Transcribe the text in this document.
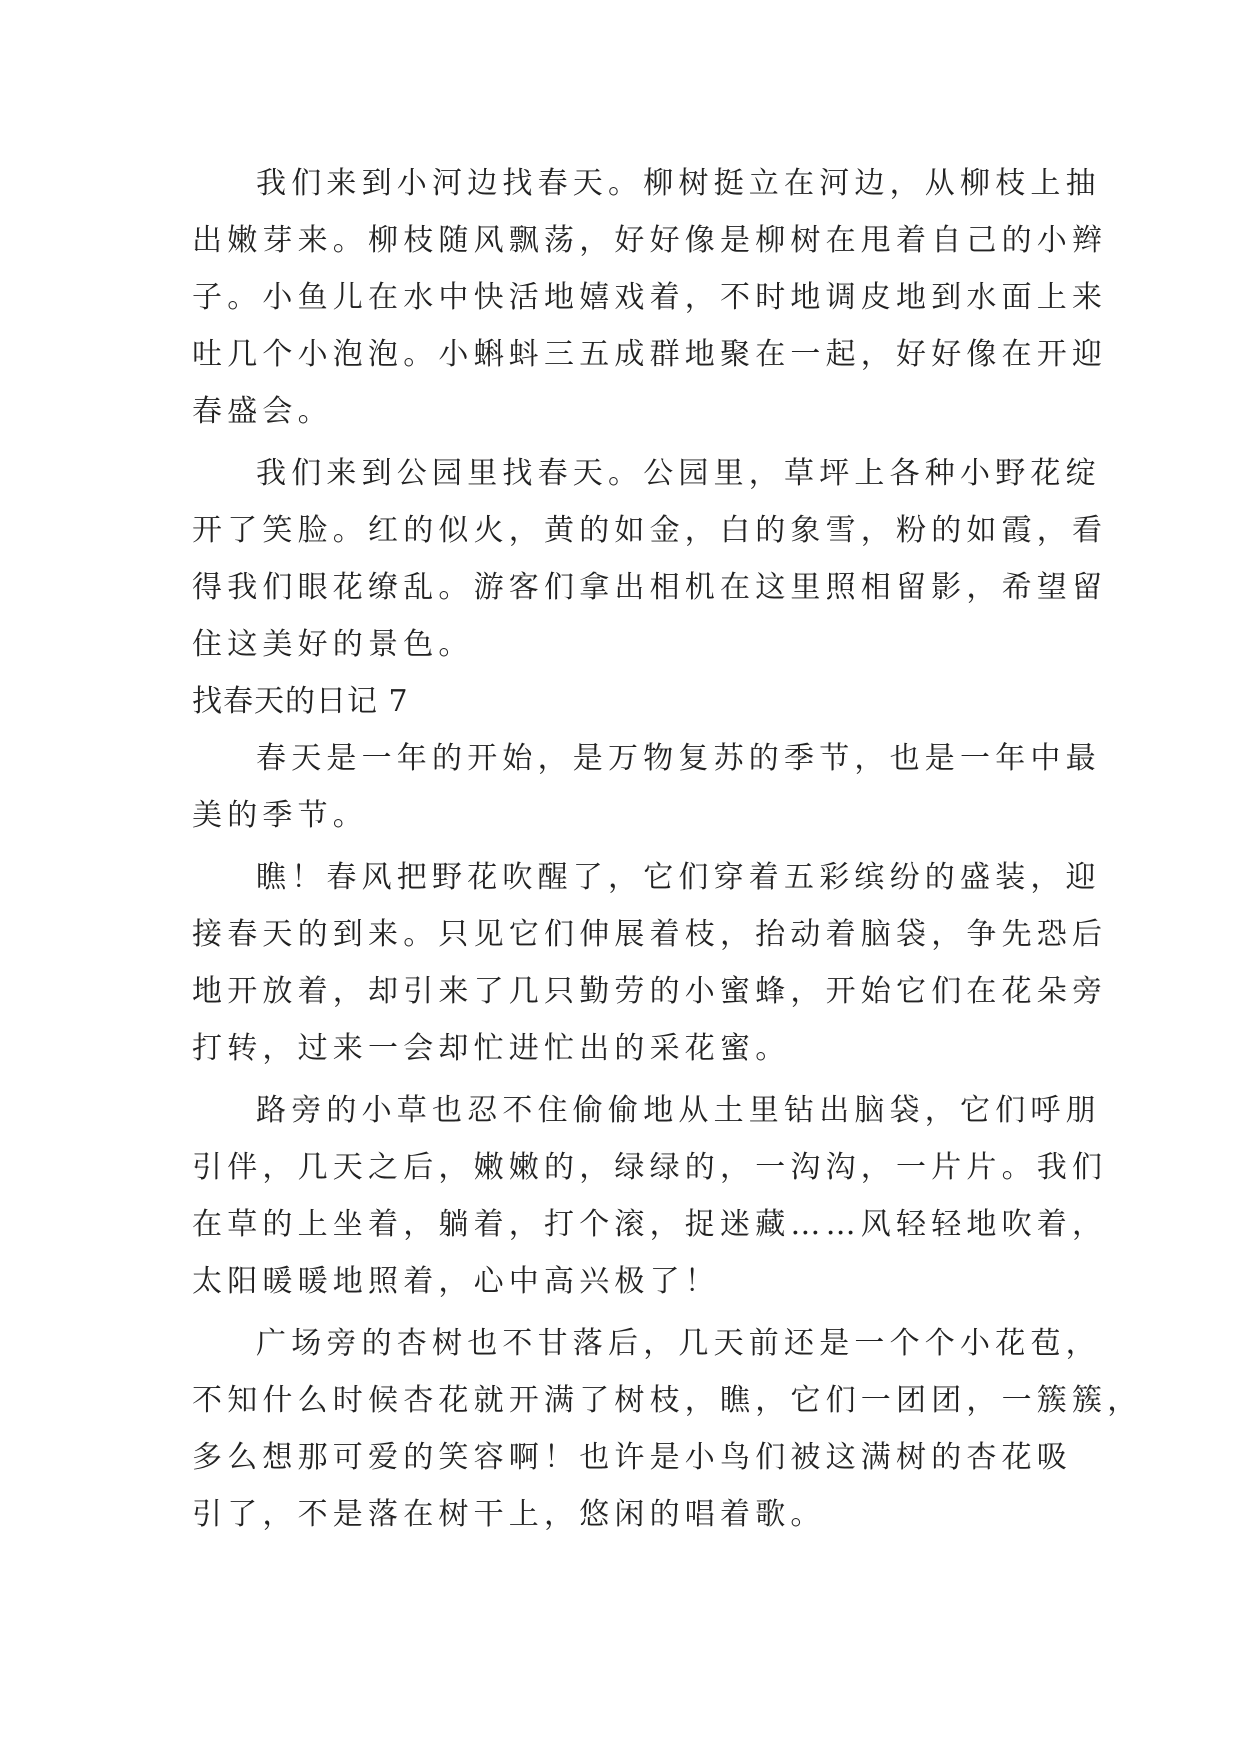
我们来到小河边找春天。柳树挺立在河边，从柳枝上抽
出嫩芽来。柳枝随风飘荡，好好像是柳树在甩着自己的小辫
子。小鱼儿在水中快活地嬉戏着，不时地调皮地到水面上来
吐几个小泡泡。小蝌蚪三五成群地聚在一起，好好像在开迎
春盛会。
我们来到公园里找春天。公园里，草坪上各种小野花绽
开了笑脸。红的似火，黄的如金，白的象雪，粉的如霞，看
得我们眼花缭乱。游客们拿出相机在这里照相留影，希望留
住这美好的景色。
找春天的日记 7
春天是一年的开始，是万物复苏的季节，也是一年中最
美的季节。
瞧！春风把野花吹醒了，它们穿着五彩缤纷的盛装，迎
接春天的到来。只见它们伸展着枝，抬动着脑袋，争先恐后
地开放着，却引来了几只勤劳的小蜜蜂，开始它们在花朵旁
打转，过来一会却忙进忙出的采花蜜。
路旁的小草也忍不住偷偷地从土里钻出脑袋，它们呼朋
引伴，几天之后，嫩嫩的，绿绿的，一沟沟，一片片。我们
在草的上坐着，躺着，打个滚，捉迷藏……风轻轻地吹着，
太阳暖暖地照着，心中高兴极了！
广场旁的杏树也不甘落后，几天前还是一个个小花苞，
不知什么时候杏花就开满了树枝，瞧，它们一团团，一簇簇，
多么想那可爱的笑容啊！也许是小鸟们被这满树的杏花吸
引了，不是落在树干上，悠闲的唱着歌。
